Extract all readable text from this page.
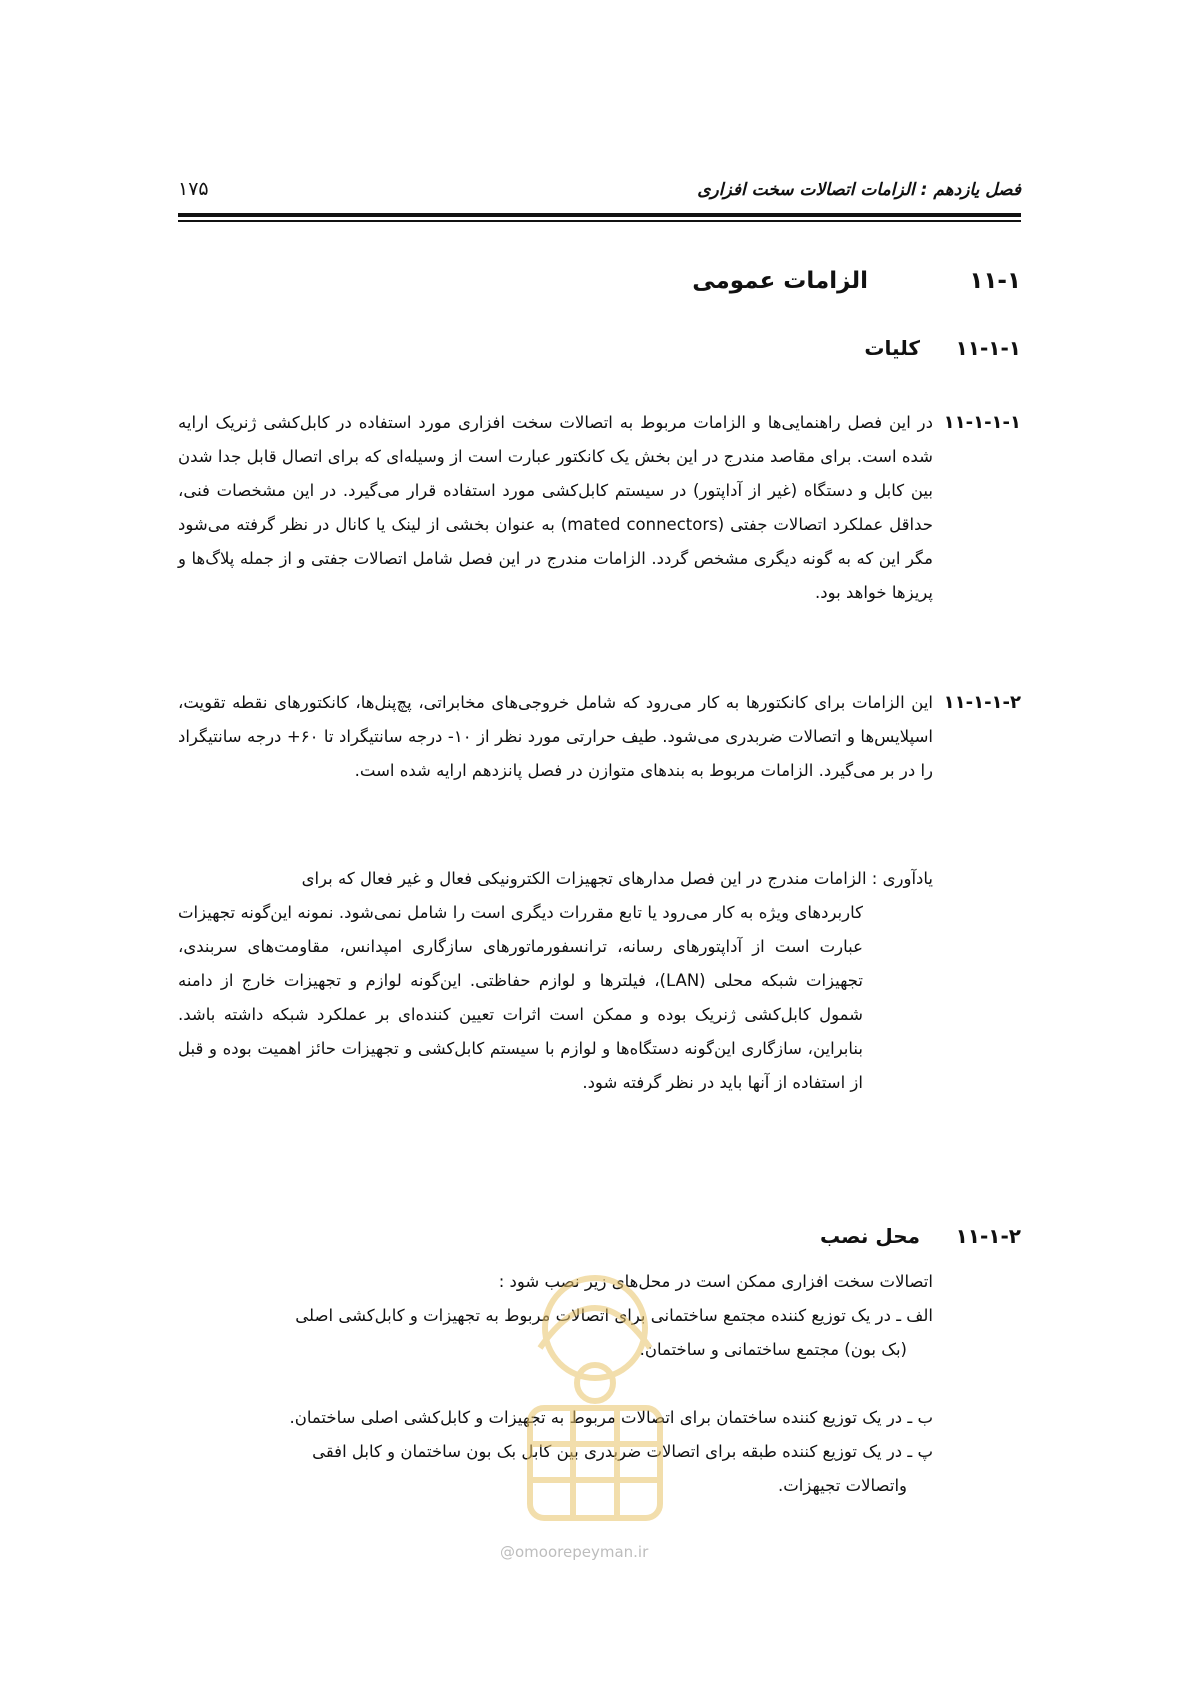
فصل یازدهم : الزامات اتصالات سخت افزاری
۱۷۵
۱۱-۱
الزامات عمومی
۱۱-۱-۱
کلیات
۱۱-۱-۱-۱
در این فصل راهنمایی‌ها و الزامات مربوط به اتصالات سخت افزاری مورد استفاده در کابل‌کشی ژنریک ارایه شده است. برای مقاصد مندرج در این بخش یک کانکتور عبارت است از وسیله‌ای که برای اتصال قابل جدا شدن بین کابل و دستگاه (غیر از آداپتور) در سیستم کابل‌کشی مورد استفاده قرار می‌گیرد. در این مشخصات فنی، حداقل عملکرد اتصالات جفتی (mated connectors) به عنوان بخشی از لینک یا کانال در نظر گرفته می‌شود مگر این که به گونه دیگری مشخص گردد. الزامات مندرج در این فصل شامل اتصالات جفتی و از جمله پلاگ‌ها و پریزها خواهد بود.
۱۱-۱-۱-۲
این الزامات برای کانکتورها به کار می‌رود که شامل خروجی‌های مخابراتی، پچ‌پنل‌ها، کانکتورهای نقطه تقویت، اسپلایس‌ها و اتصالات ضربدری می‌شود. طیف حرارتی مورد نظر از ۱۰- درجه سانتیگراد تا ۶۰+ درجه سانتیگراد را در بر می‌گیرد. الزامات مربوط به بندهای متوازن در فصل پانزدهم ارایه شده است.
یادآوری : الزامات مندرج در این فصل مدارهای تجهیزات الکترونیکی فعال و غیر فعال که برای
کاربردهای ویژه به کار می‌رود یا تابع مقررات دیگری است را شامل نمی‌شود. نمونه این‌گونه تجهیزات عبارت است از آداپتورهای رسانه، ترانسفورماتورهای سازگاری امپدانس، مقاومت‌های سربندی، تجهیزات شبکه محلی (LAN)، فیلترها و لوازم حفاظتی. این‌گونه لوازم و تجهیزات خارج از دامنه شمول کابل‌کشی ژنریک بوده و ممکن است اثرات تعیین کننده‌ای بر عملکرد شبکه داشته باشد. بنابراین، سازگاری این‌گونه دستگاه‌ها و لوازم با سیستم کابل‌کشی و تجهیزات حائز اهمیت بوده و قبل از استفاده از آنها باید در نظر گرفته شود.
۱۱-۱-۲
محل نصب
اتصالات سخت افزاری ممکن است در محل‌های زیر نصب شود :
الف ـ در یک توزیع کننده مجتمع ساختمانی برای اتصالات مربوط به تجهیزات و کابل‌کشی اصلی
(بک بون) مجتمع ساختمانی و ساختمان.
ب ـ در یک توزیع کننده ساختمان برای اتصالات مربوط به تجهیزات و کابل‌کشی اصلی ساختمان.
پ ـ در یک توزیع کننده طبقه برای اتصالات ضربدری بین کابل بک بون ساختمان و کابل افقی
واتصالات تجیهزات.
@omoorepeyman.ir
